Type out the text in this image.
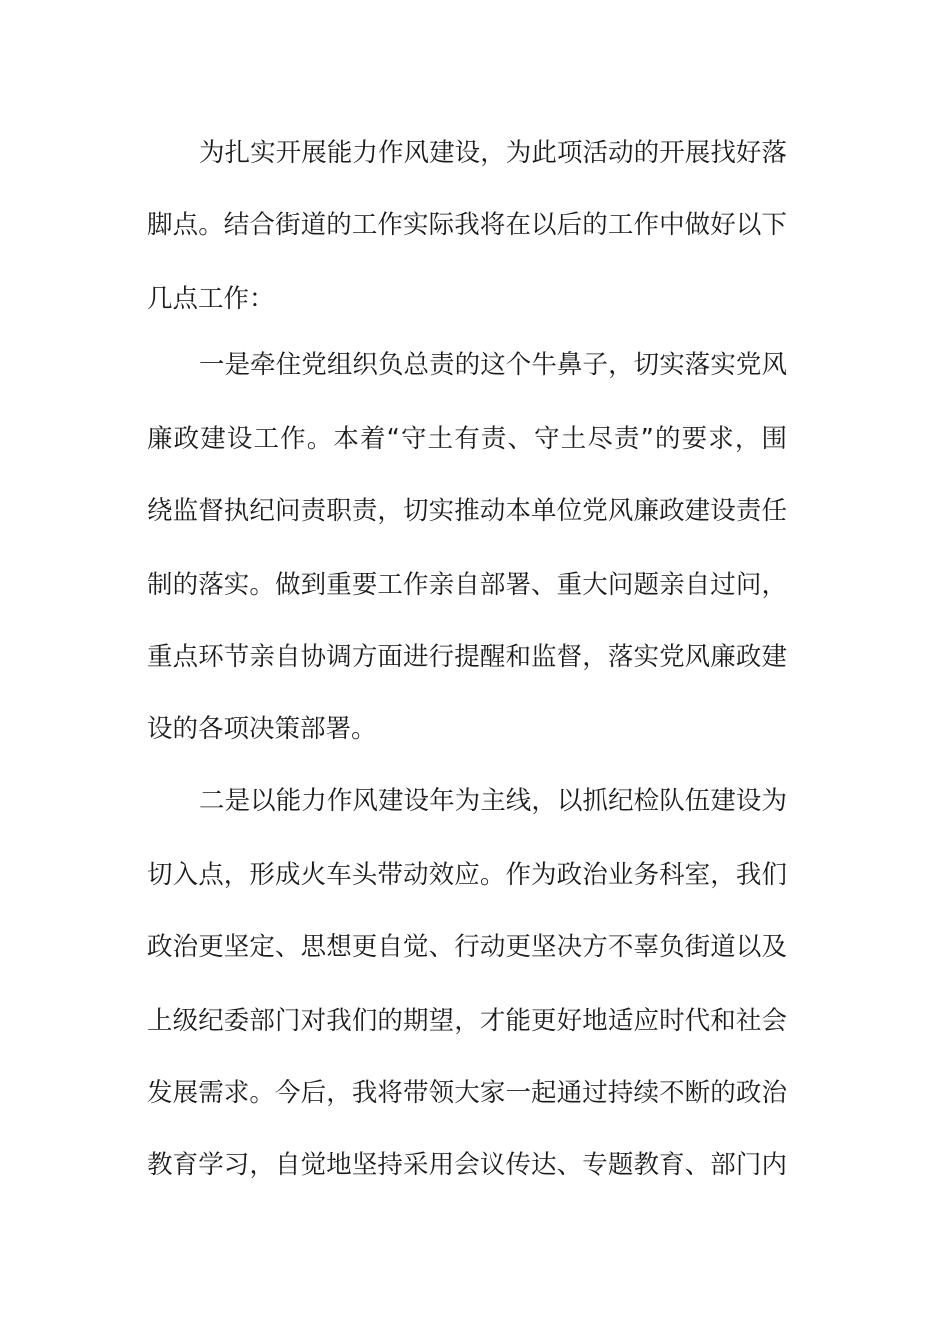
为扎实开展能力作风建设，为此项活动的开展找好落
脚点。结合街道的工作实际我将在以后的工作中做好以下
几点工作：
一是牵住党组织负总责的这个牛鼻子，切实落实党风
廉政建设工作。本着“守土有责、守土尽责”的要求，围
绕监督执纪问责职责，切实推动本单位党风廉政建设责任
制的落实。做到重要工作亲自部署、重大问题亲自过问，
重点环节亲自协调方面进行提醒和监督，落实党风廉政建
设的各项决策部署。
二是以能力作风建设年为主线，以抓纪检队伍建设为
切入点，形成火车头带动效应。作为政治业务科室，我们
政治更坚定、思想更自觉、行动更坚决方不辜负街道以及
上级纪委部门对我们的期望，才能更好地适应时代和社会
发展需求。今后，我将带领大家一起通过持续不断的政治
教育学习，自觉地坚持采用会议传达、专题教育、部门内
